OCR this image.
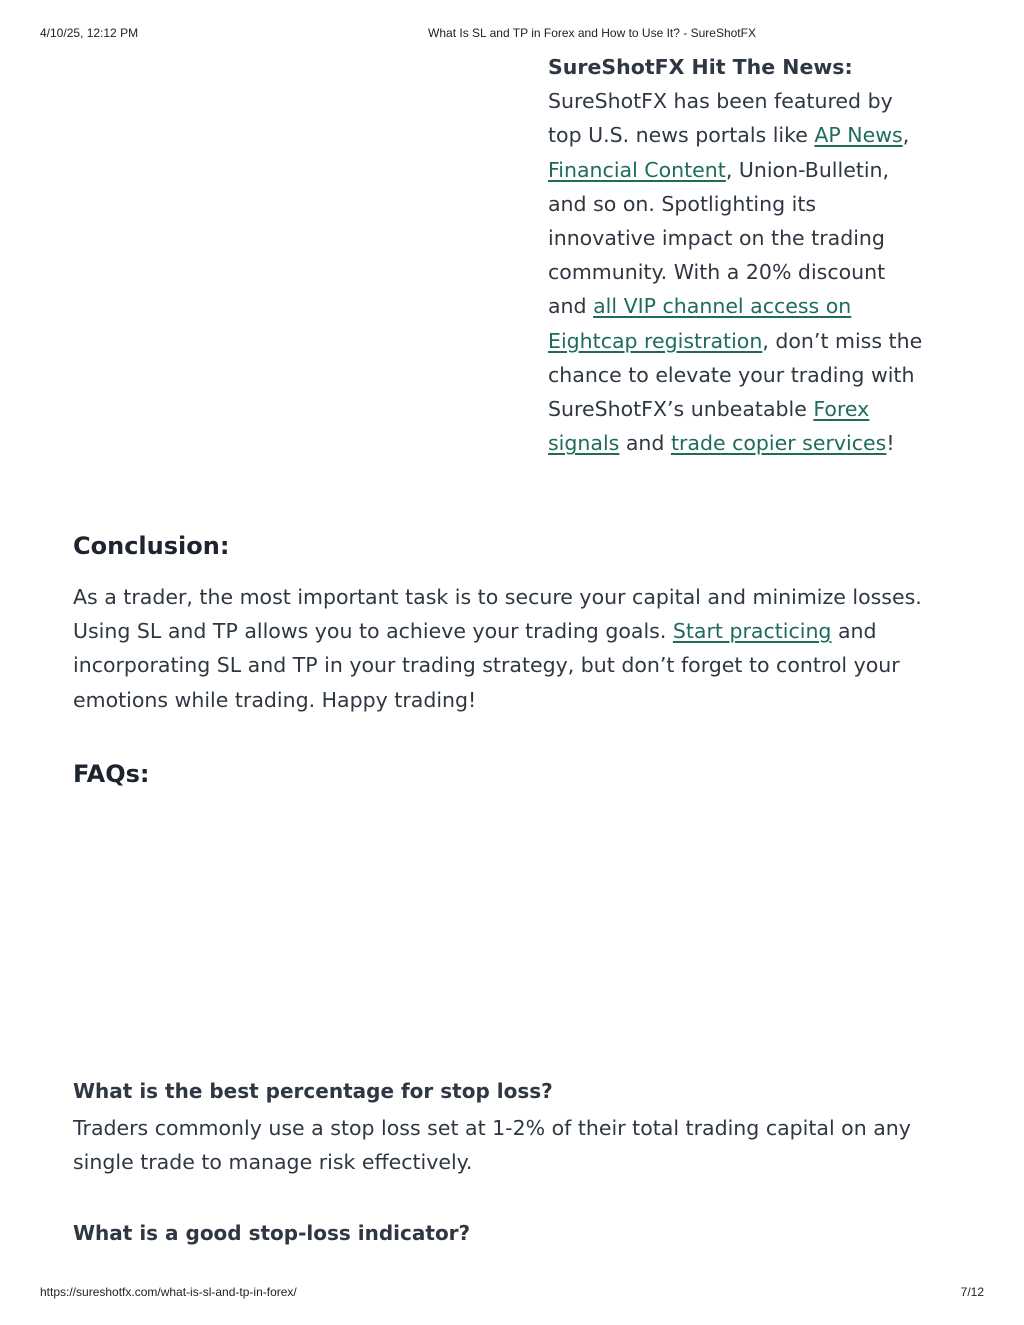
4/10/25, 12:12 PM	What Is SL and TP in Forex and How to Use It? - SureShotFX
SureShotFX Hit The News:

SureShotFX has been featured by top U.S. news portals like AP News, Financial Content, Union-Bulletin, and so on. Spotlighting its innovative impact on the trading community. With a 20% discount and all VIP channel access on Eightcap registration, don’t miss the chance to elevate your trading with SureShotFX’s unbeatable Forex signals and trade copier services!

Conclusion:

As a trader, the most important task is to secure your capital and minimize losses. Using SL and TP allows you to achieve your trading goals. Start practicing and incorporating SL and TP in your trading strategy, but don’t forget to control your emotions while trading. Happy trading!

FAQs:
What is the best percentage for stop loss?

Traders commonly use a stop loss set at 1-2% of their total trading capital on any single trade to manage risk effectively.

What is a good stop-loss indicator?
https://sureshotfx.com/what-is-sl-and-tp-in-forex/	7/12
